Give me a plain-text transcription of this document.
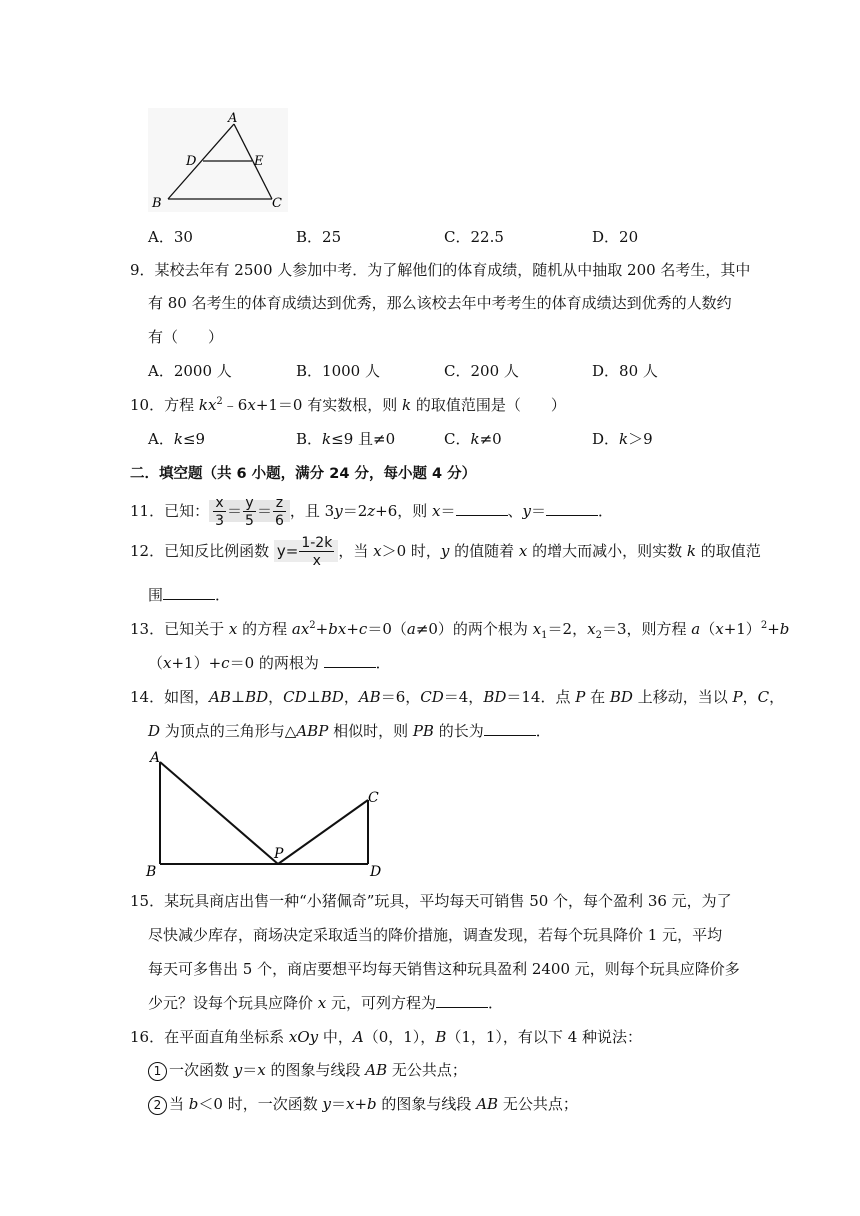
A
D	E
B	C
A．30	B．25	C．22.5	D．20
9．某校去年有 2500 人参加中考．为了解他们的体育成绩，随机从中抽取 200 名考生，其中
有 80 名考生的体育成绩达到优秀，那么该校去年中考考生的体育成绩达到优秀的人数约
有（　　）
A．2000 人	B．1000 人	C．200 人	D．80 人
10．方程 $kx^2﹣6x+1=0$ 有实数根，则 k 的取值范围是（　　）
A．k≤9	B．k≤9 且≠0	C．k≠0	D．k＞9
二．填空题（共 6 小题，满分 24 分，每小题 4 分）
11．已知： $\frac{x}{3} = \frac{y}{5} = \frac{z}{6}$ ，且 3y＝2z+6，则 x＝	、y＝	．
12．已知反比例函数 $y= \frac{1-2k}{x}$ ，当 x＞0 时，y 的值随着 x 的增大而减小，则实数 k 的取值范
围	．
13．已知关于 x 的方程 $ax^2+bx+c=0(a\ne 0)$的两个根为 $x_1=2$，$x_2=3$，则方程 $a(x+1)^2+b$
（x+1）+c＝0 的两根为	．
14．如图，AB⊥BD，CD⊥BD，AB＝6，CD＝4，BD＝14．点 P 在 BD 上移动，当以 P，C，
D 为顶点的三角形与△ABP 相似时，则 PB 的长为	．
A
B
P
C
D
15．某玩具商店出售一种“小猪佩奇”玩具，平均每天可销售 50 个，每个盈利 36 元，为了
尽快减少库存，商场决定采取适当的降价措施，调查发现，若每个玩具降价 1 元，平均
每天可多售出 5 个，商店要想平均每天销售这种玩具盈利 2400 元，则每个玩具应降价多
少元？设每个玩具应降价 x 元，可列方程为	．
16．在平面直角坐标系 xOy 中，A（0，1），B（1，1），有以下 4 种说法：
1 一次函数 y＝x 的图象与线段 AB 无公共点；
2 当 b＜0 时，一次函数 y＝x+b 的图象与线段 AB 无公共点；
